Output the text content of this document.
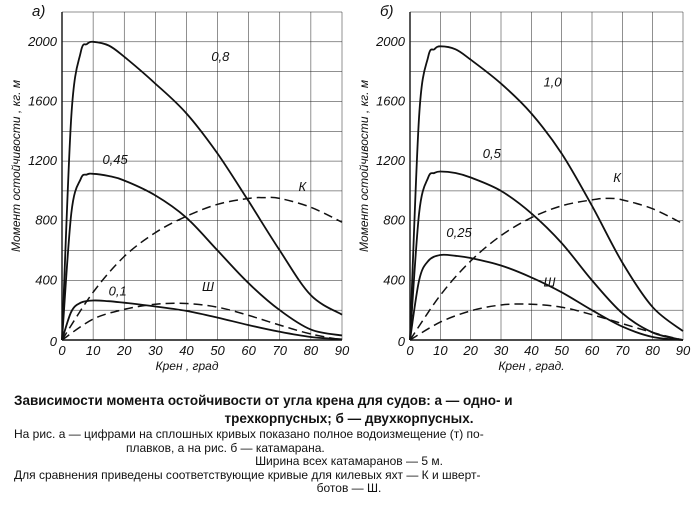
0 10 20 30 40 50 60 70 80 90
0
400
800
1200
1600
2000
а)
Крен , град
Момент остойчивости , кг. м
0,8
0,45
0,1
К
Ш
0 10 20 30 40 50 60 70 80 90
0
400
800
1200
1600
2000
б)
Крен , град.
Момент остойчивости , кг. м	1,0
0,5
0,25
К
Ш
Зависимости момента остойчивости от угла крена для судов: а — одно- и
трехкорпусных; б — двухкорпусных.
На рис. а — цифрами на сплошных кривых показано полное водоизмещение (т) по-
плавков, а на рис. б — катамарана.
Ширина всех катамаранов — 5 м.
Для сравнения приведены соответствующие кривые для килевых яхт — К и шверт-
ботов — Ш.
